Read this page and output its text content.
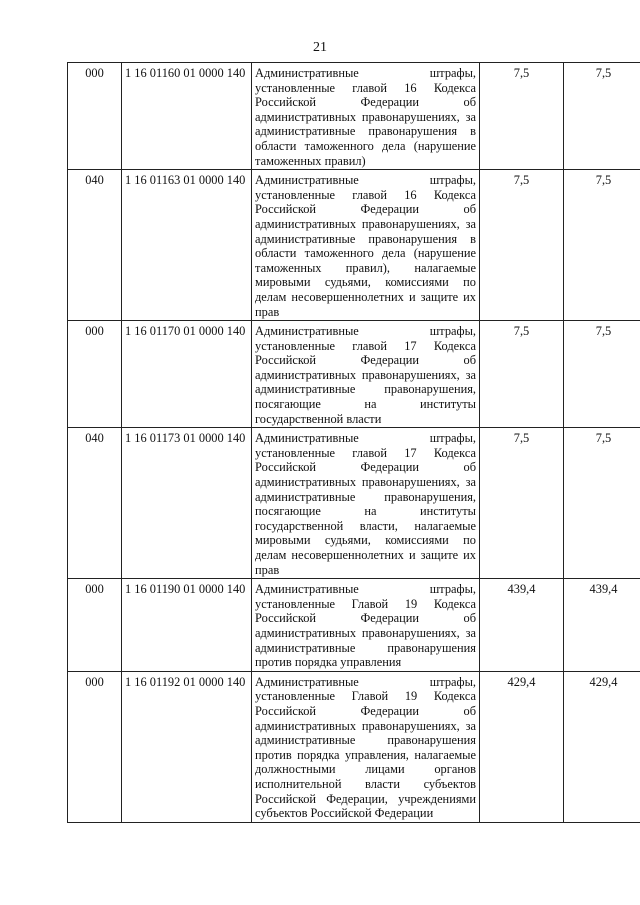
21
000	1 16 01160 01 0000 140	Административные штрафы, установленные главой 16 Кодекса Российской Федерации об административных правонарушениях, за административные правонарушения в области таможенного дела (нарушение таможенных правил)	7,5	7,5
040	1 16 01163 01 0000 140	Административные штрафы, установленные главой 16 Кодекса Российской Федерации об административных правонарушениях, за административные правонарушения в области таможенного дела (нарушение таможенных правил), налагаемые мировыми судьями, комиссиями по делам несовершеннолетних и защите их прав	7,5	7,5
000	1 16 01170 01 0000 140	Административные штрафы, установленные главой 17 Кодекса Российской Федерации об административных правонарушениях, за административные правонарушения, посягающие на институты государственной власти	7,5	7,5
040	1 16 01173 01 0000 140	Административные штрафы, установленные главой 17 Кодекса Российской Федерации об административных правонарушениях, за административные правонарушения, посягающие на институты государственной власти, налагаемые мировыми судьями, комиссиями по делам несовершеннолетних и защите их прав	7,5	7,5
000	1 16 01190 01 0000 140	Административные штрафы, установленные Главой 19 Кодекса Российской Федерации об административных правонарушениях, за административные правонарушения против порядка управления	439,4	439,4
000	1 16 01192 01 0000 140	Административные штрафы, установленные Главой 19 Кодекса Российской Федерации об административных правонарушениях, за административные правонарушения против порядка управления, налагаемые должностными лицами органов исполнительной власти субъектов Российской Федерации, учреждениями субъектов Российской Федерации	429,4	429,4
